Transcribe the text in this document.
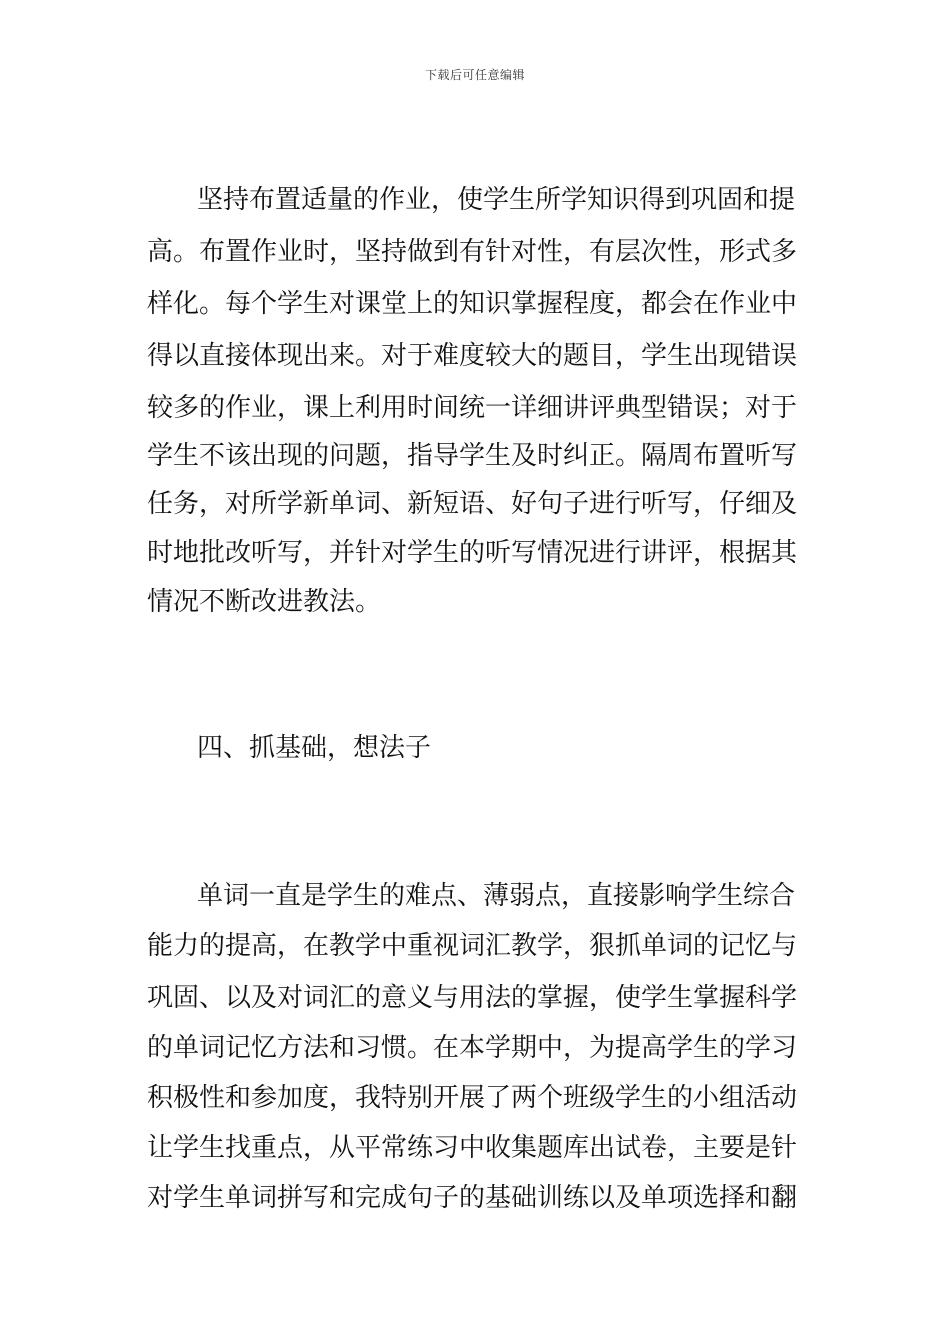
下载后可任意编辑
坚持布置适量的作业，使学生所学知识得到巩固和提
高。布置作业时，坚持做到有针对性，有层次性，形式多
样化。每个学生对课堂上的知识掌握程度，都会在作业中
得以直接体现出来。对于难度较大的题目，学生出现错误
较多的作业，课上利用时间统一详细讲评典型错误；对于
学生不该出现的问题，指导学生及时纠正。隔周布置听写
任务，对所学新单词、新短语、好句子进行听写，仔细及
时地批改听写，并针对学生的听写情况进行讲评，根据其
情况不断改进教法。
四、抓基础，想法子
单词一直是学生的难点、薄弱点，直接影响学生综合
能力的提高，在教学中重视词汇教学，狠抓单词的记忆与
巩固、以及对词汇的意义与用法的掌握，使学生掌握科学
的单词记忆方法和习惯。在本学期中，为提高学生的学习
积极性和参加度，我特别开展了两个班级学生的小组活动
让学生找重点，从平常练习中收集题库出试卷，主要是针
对学生单词拼写和完成句子的基础训练以及单项选择和翻
